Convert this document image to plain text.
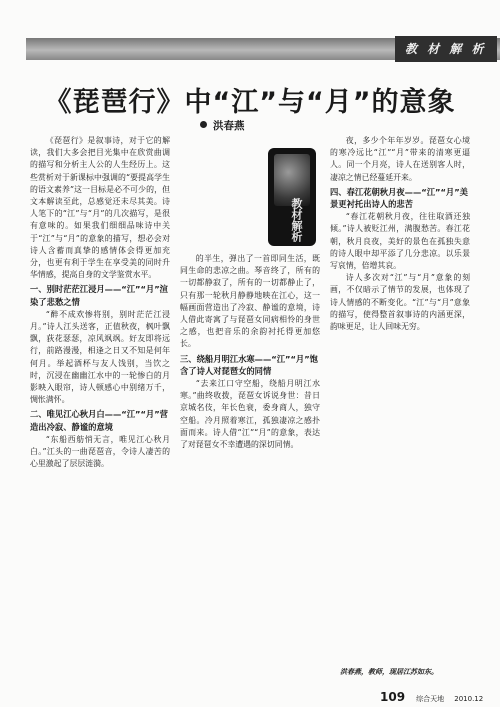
教 材 解 析
《琵琶行》中“江”与“月”的意象
洪春燕

《琵琶行》是叙事诗，对于它的解读，我们大多会把目光集中在欣赏曲调的描写和分析主人公的人生经历上。这些赏析对于新课标中强调的“要提高学生的语文素养”这一目标是必不可少的，但文本解读至此，总感觉还未尽其美。诗人笔下的“江”与“月”的几次描写，是很有意味的。如果我们细细品味诗中关于“江”与“月”的意象的描写，想必会对诗人含蓄而真挚的感情体会得更加充分，也更有利于学生在享受美的同时升华情感，提高自身的文学鉴赏水平。

一、别时茫茫江浸月——“江”“月”渲染了悲愁之情

“醉不成欢惨将别，别时茫茫江浸月。”诗人江头送客，正值秋夜，枫叶飘飘，荻花瑟瑟，凉风飒飒。好友即将远行，前路漫漫，相逢之日又不知是何年何月。举起酒杯与友人饯别，当饮之时，沉浸在幽幽江水中的一轮惨白的月影映入眼帘，诗人顿感心中别绪万千，惆怅满怀。

二、唯见江心秋月白——“江”“月”营造出冷寂、静谧的意境

“东船西舫悄无言，唯见江心秋月白。”江头的一曲琵琶音，令诗人凄苦的心里激起了层层涟漪。

的半生，弹出了一首即同生活，既同生命的悲凉之曲。琴音终了，所有的一切都静寂了，所有的一切都静止了，只有那一轮秋月静静地映在江心，这一幅画面营造出了冷寂、静谧的意境，诗人借此寄寓了与琵琶女同病相怜的身世之感，也把音乐的余韵衬托得更加悠长。

三、绕船月明江水寒——“江”“月”饱含了诗人对琵琶女的同情

“去来江口守空船，绕船月明江水寒。”曲终收拨，琵琶女诉说身世：昔日京城名伎，年长色衰，委身商人，独守空船。冷月照着寒江，孤独凄凉之感扑面而来。诗人借“江”“月”的意象，表达了对琵琶女不幸遭遇的深切同情。

教材解析

夜，多少个年年岁岁。琵琶女心境的寒冷远比“江”“月”带来的清寒更逼人。同一个月亮，诗人在送别客人时，凄凉之情已经蔓延开来。

四、春江花朝秋月夜——“江”“月”美景更衬托出诗人的悲苦

“春江花朝秋月夜，往往取酒还独倾。”诗人被贬江州，满腹愁苦。春江花朝，秋月良夜，美好的景色在孤独失意的诗人眼中却平添了几分悲凉。以乐景写哀情，倍增其哀。

诗人多次对“江”与“月”意象的刻画，不仅暗示了情节的发展，也体现了诗人情感的不断变化。“江”与“月”意象的描写，使得整首叙事诗的内涵更深，韵味更足，让人回味无穷。

洪春燕，教师，现居江苏如东。
109 综合天地 2010.12
